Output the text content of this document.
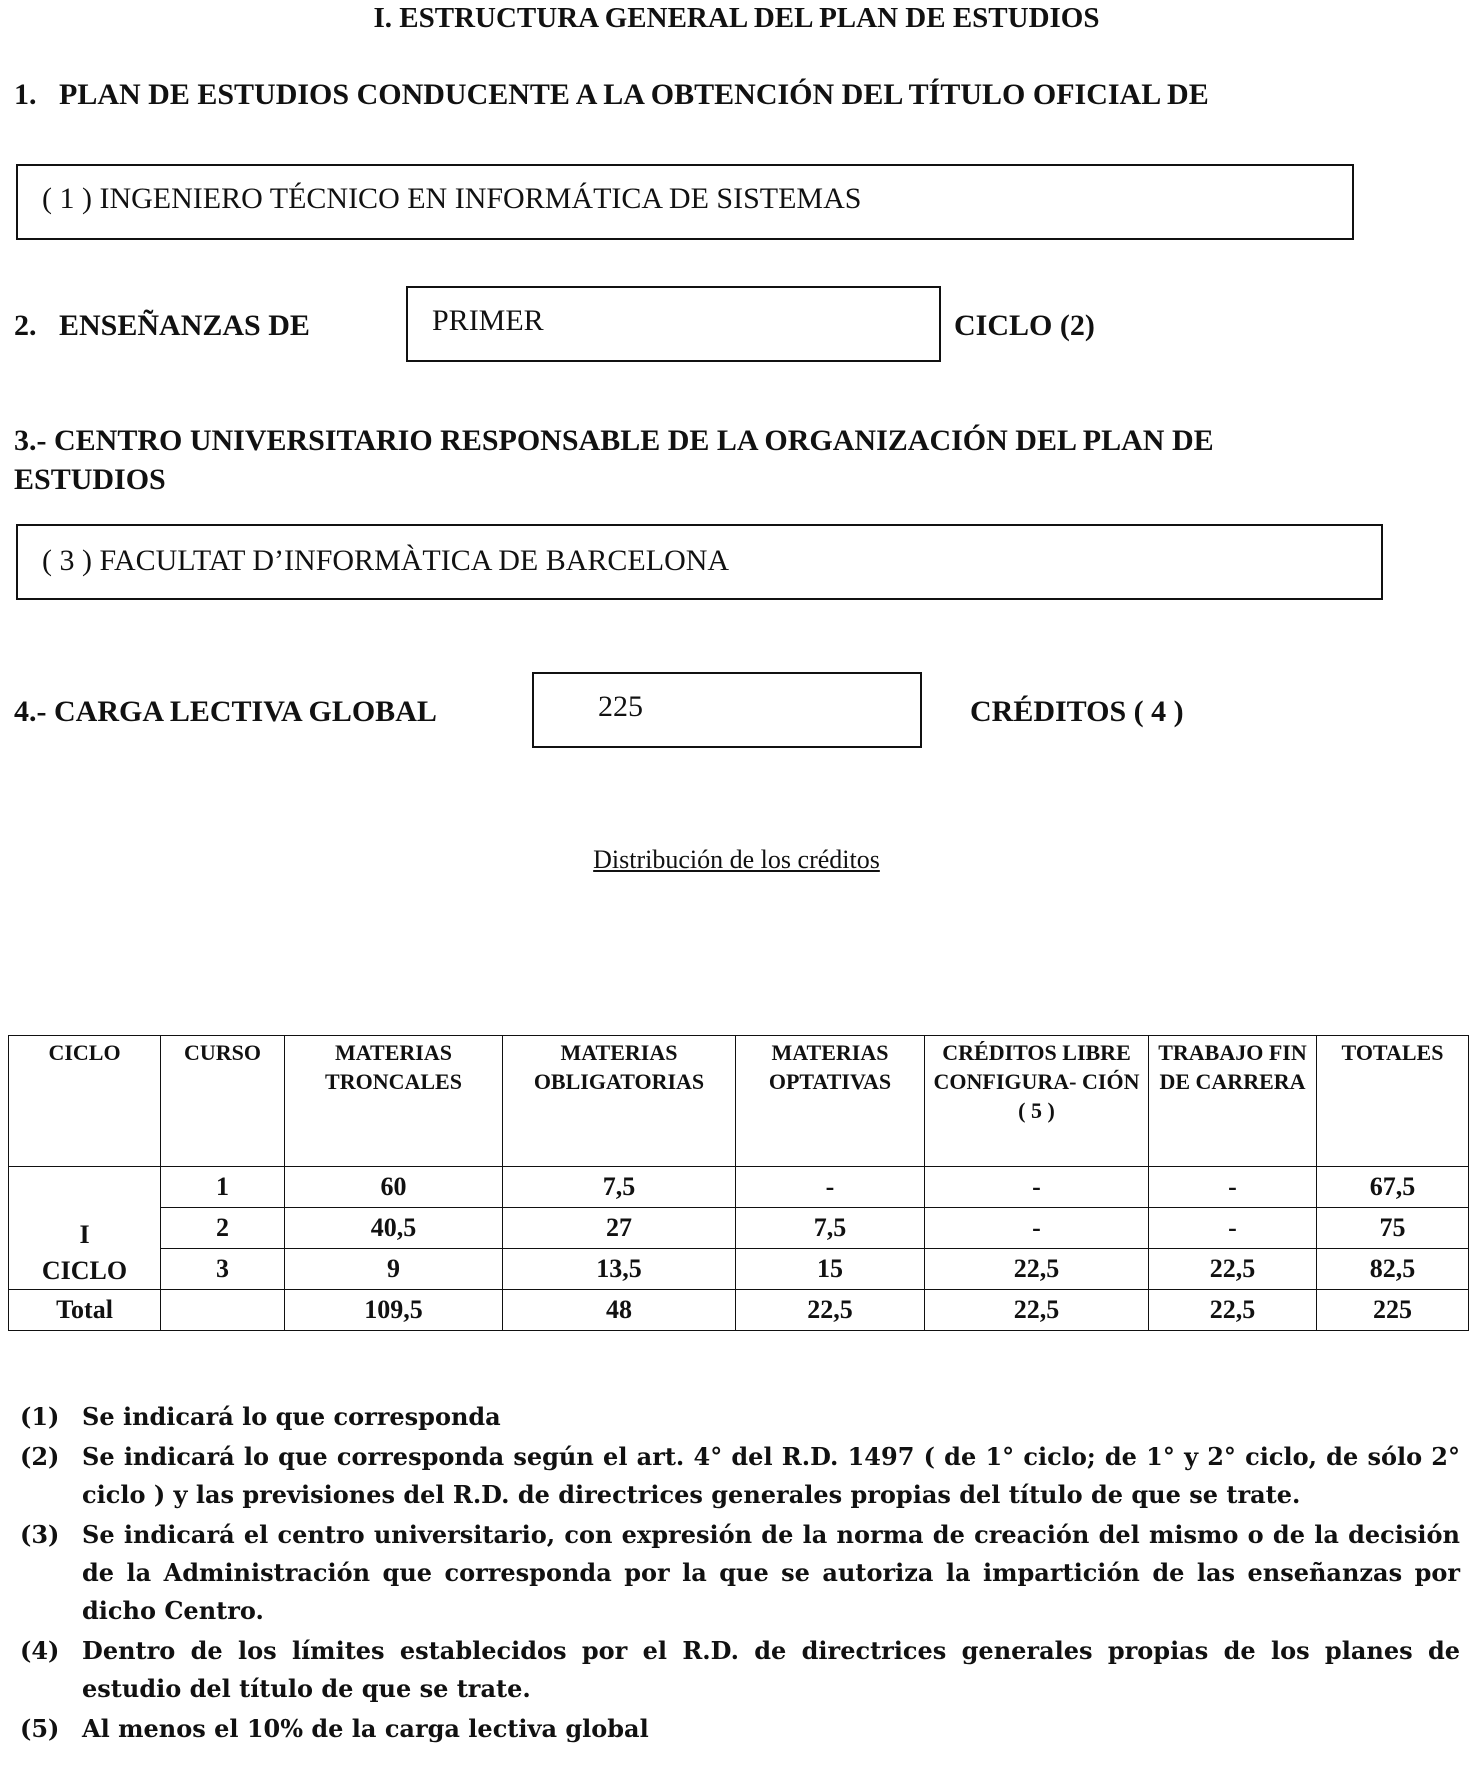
I. ESTRUCTURA GENERAL DEL PLAN DE ESTUDIOS
1.   PLAN DE ESTUDIOS CONDUCENTE A LA OBTENCIÓN DEL TÍTULO OFICIAL DE
( 1 ) INGENIERO TÉCNICO EN INFORMÁTICA DE SISTEMAS
2.   ENSEÑANZAS DE	PRIMER	CICLO (2)
3.- CENTRO UNIVERSITARIO RESPONSABLE DE LA ORGANIZACIÓN DEL PLAN DE
ESTUDIOS
( 3 ) FACULTAT D’INFORMÀTICA DE BARCELONA
4.- CARGA LECTIVA GLOBAL	225	CRÉDITOS ( 4 )
Distribución de los créditos
CICLO	CURSO	MATERIAS TRONCALES	MATERIAS OBLIGATORIAS	MATERIAS OPTATIVAS	CRÉDITOS LIBRE CONFIGURA- CIÓN ( 5 )	TRABAJO FIN DE CARRERA	TOTALES

I
CICLO	1	60	7,5	-	-	-	67,5
	2	40,5	27	7,5	-	-	75
	3	9	13,5	15	22,5	22,5	82,5
Total		109,5	48	22,5	22,5	22,5	225
(1) Se indicará lo que corresponda
(2) Se indicará lo que corresponda según el art. 4° del R.D. 1497 ( de 1° ciclo; de 1° y 2° ciclo, de sólo 2° ciclo ) y las previsiones del R.D. de directrices generales propias del título de que se trate.
(3) Se indicará el centro universitario, con expresión de la norma de creación del mismo o de la decisión de la Administración que corresponda por la que se autoriza la impartición de las enseñanzas por dicho Centro.
(4) Dentro de los límites establecidos por el R.D. de directrices generales propias de los planes de estudio del título de que se trate.
(5) Al menos el 10% de la carga lectiva global
